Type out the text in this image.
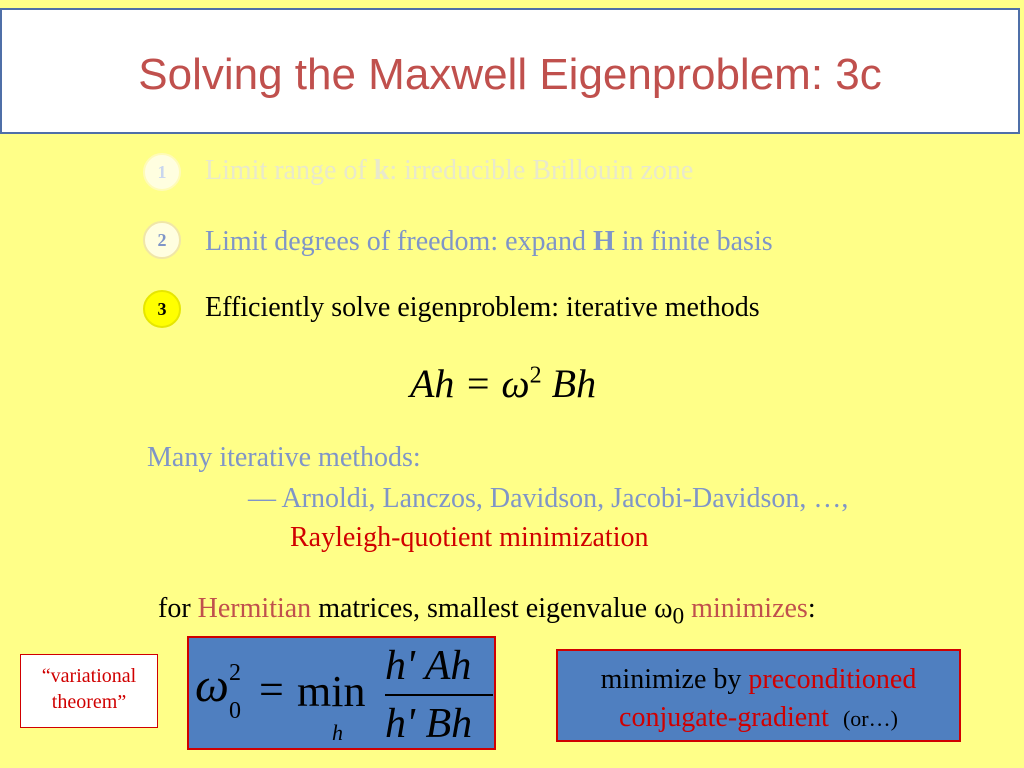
Solving the Maxwell Eigenproblem: 3c
1	Limit range of k: irreducible Brillouin zone
2	Limit degrees of freedom: expand H in finite basis
3	Efficiently solve eigenproblem: iterative methods
$Ah = \omega^2$ Bh
Many iterative methods:
— Arnoldi, Lanczos, Davidson, Jacobi-Davidson, …,
Rayleigh-quotient minimization
for Hermitian matrices, smallest eigenvalue $\omega_0$ minimizes:
“variational theorem”	ω 2
0 = min
h
h' Ah
h' Bh
minimize by preconditioned
conjugate-gradient (or…)
